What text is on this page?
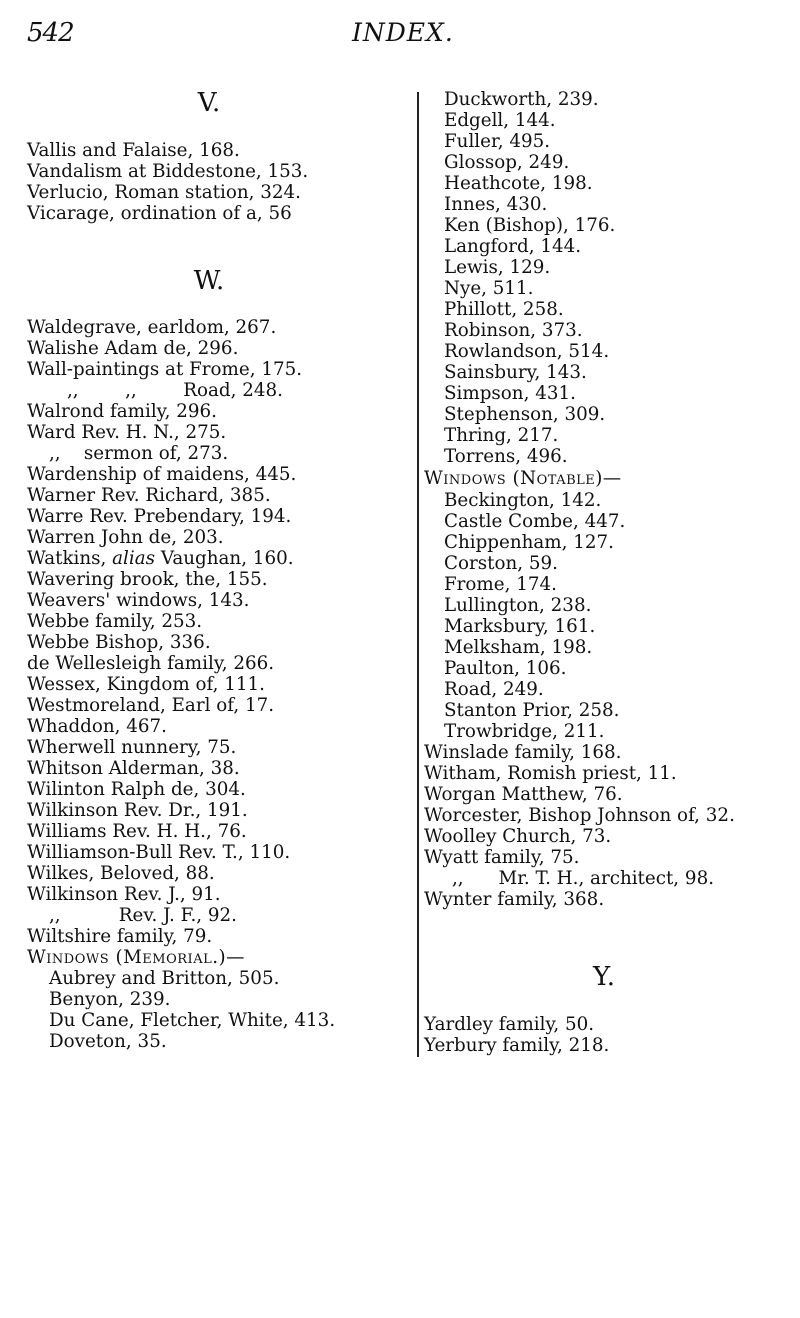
542	INDEX.
V.
Vallis and Falaise, 168.
Vandalism at Biddestone, 153.
Verlucio, Roman station, 324.
Vicarage, ordination of a, 56
W.
Waldegrave, earldom, 267.
Walishe Adam de, 296.
Wall-paintings at Frome, 175.
,,        ,,        Road, 248.
Walrond family, 296.
Ward Rev. H. N., 275.
,,    sermon of, 273.
Wardenship of maidens, 445.
Warner Rev. Richard, 385.
Warre Rev. Prebendary, 194.
Warren John de, 203.
Watkins, alias Vaughan, 160.
Wavering brook, the, 155.
Weavers' windows, 143.
Webbe family, 253.
Webbe Bishop, 336.
de Wellesleigh family, 266.
Wessex, Kingdom of, 111.
Westmoreland, Earl of, 17.
Whaddon, 467.
Wherwell nunnery, 75.
Whitson Alderman, 38.
Wilinton Ralph de, 304.
Wilkinson Rev. Dr., 191.
Williams Rev. H. H., 76.
Williamson-Bull Rev. T., 110.
Wilkes, Beloved, 88.
Wilkinson Rev. J., 91.
,,          Rev. J. F., 92.
Wiltshire family, 79.
Windows (Memorial.)—
Aubrey and Britton, 505.
Benyon, 239.
Du Cane, Fletcher, White, 413.
Doveton, 35.
Duckworth, 239.
Edgell, 144.
Fuller, 495.
Glossop, 249.
Heathcote, 198.
Innes, 430.
Ken (Bishop), 176.
Langford, 144.
Lewis, 129.
Nye, 511.
Phillott, 258.
Robinson, 373.
Rowlandson, 514.
Sainsbury, 143.
Simpson, 431.
Stephenson, 309.
Thring, 217.
Torrens, 496.
Windows (Notable)—
Beckington, 142.
Castle Combe, 447.
Chippenham, 127.
Corston, 59.
Frome, 174.
Lullington, 238.
Marksbury, 161.
Melksham, 198.
Paulton, 106.
Road, 249.
Stanton Prior, 258.
Trowbridge, 211.
Winslade family, 168.
Witham, Romish priest, 11.
Worgan Matthew, 76.
Worcester, Bishop Johnson of, 32.
Woolley Church, 73.
Wyatt family, 75.
,,      Mr. T. H., architect, 98.
Wynter family, 368.
Y.
Yardley family, 50.
Yerbury family, 218.
